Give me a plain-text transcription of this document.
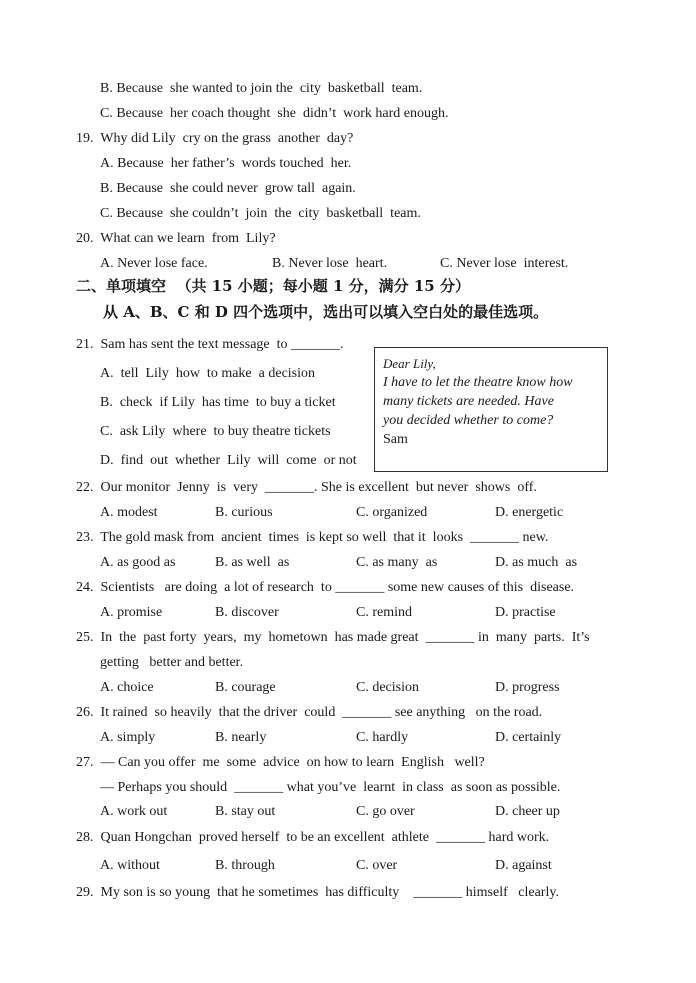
B. Because  she wanted to join the  city  basketball  team.
C. Because  her coach thought  she  didn’t  work hard enough.
19.  Why did Lily  cry on the grass  another  day?
A. Because  her father’s  words touched  her.
B. Because  she could never  grow tall  again.
C. Because  she couldn’t  join  the  city  basketball  team.
20.  What can we learn  from  Lily?
A. Never lose face.	B. Never lose  heart.	C. Never lose  interest.
二、单项填空  （共 15 小题；每小题 1 分，满分 15 分）
从 A、B、C 和 D 四个选项中，选出可以填入空白处的最佳选项。
21.  Sam has sent the text message  to _______.
A.  tell  Lily  how  to make  a decision
B.  check  if Lily  has time  to buy a ticket
C.  ask Lily  where  to buy theatre tickets
D.  find  out  whether  Lily  will  come  or not
Dear Lily,
I have to let the theatre know how
many tickets are needed. Have
you decided whether to come?
Sam
22.  Our monitor  Jenny  is  very  _______. She is excellent  but never  shows  off.
A. modest	B. curious	C. organized	D. energetic
23.  The gold mask from  ancient  times  is kept so well  that it  looks  _______ new.
A. as good as	B. as well  as	C. as many  as	D. as much  as
24.  Scientists   are doing  a lot of research  to _______ some new causes of this  disease.
A. promise	B. discover	C. remind	D. practise
25.  In  the  past forty  years,  my  hometown  has made great  _______ in  many  parts.  It’s
getting   better and better.
A. choice	B. courage	C. decision	D. progress
26.  It rained  so heavily  that the driver  could  _______ see anything   on the road.
A. simply	B. nearly	C. hardly	D. certainly
27.  — Can you offer  me  some  advice  on how to learn  English   well?
— Perhaps you should  _______ what you’ve  learnt  in class  as soon as possible.
A. work out	B. stay out	C. go over	D. cheer up
28.  Quan Hongchan  proved herself  to be an excellent  athlete  _______ hard work.
A. without	B. through	C. over	D. against
29.  My son is so young  that he sometimes  has difficulty    _______ himself   clearly.
